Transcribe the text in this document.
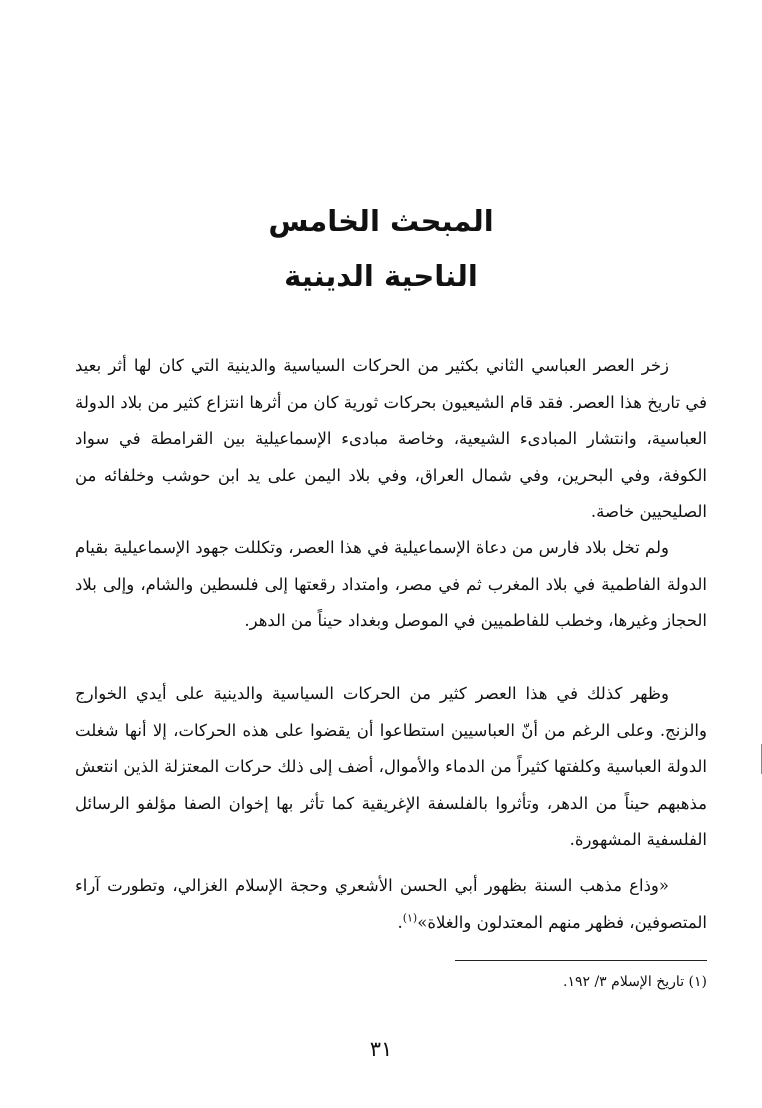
المبحث الخامس
الناحية الدينية

زخر العصر العباسي الثاني بكثير من الحركات السياسية والدينية التي كان لها أثر بعيد في تاريخ هذا العصر. فقد قام الشيعيون بحركات ثورية كان من أثرها انتزاع كثير من بلاد الدولة العباسية، وانتشار المبادىء الشيعية، وخاصة مبادىء الإسماعيلية بين القرامطة في سواد الكوفة، وفي البحرين، وفي شمال العراق، وفي بلاد اليمن على يد ابن حوشب وخلفائه من الصليحيين خاصة.

ولم تخل بلاد فارس من دعاة الإسماعيلية في هذا العصر، وتكللت جهود الإسماعيلية بقيام الدولة الفاطمية في بلاد المغرب ثم في مصر، وامتداد رقعتها إلى فلسطين والشام، وإلى بلاد الحجاز وغيرها، وخطب للفاطميين في الموصل وبغداد حيناً من الدهر.

وظهر كذلك في هذا العصر كثير من الحركات السياسية والدينية على أيدي الخوارج والزنج. وعلى الرغم من أنّ العباسيين استطاعوا أن يقضوا على هذه الحركات، إلا أنها شغلت الدولة العباسية وكلفتها كثيراً من الدماء والأموال، أضف إلى ذلك حركات المعتزلة الذين انتعش مذهبهم حيناً من الدهر، وتأثروا بالفلسفة الإغريقية كما تأثر بها إخوان الصفا مؤلفو الرسائل الفلسفية المشهورة.

«وذاع مذهب السنة بظهور أبي الحسن الأشعري وحجة الإسلام الغزالي، وتطورت آراء المتصوفين، فظهر منهم المعتدلون والغلاة»$^{(١)}$.

(١) تاريخ الإسلام ٣/ ١٩٢.
٣١
